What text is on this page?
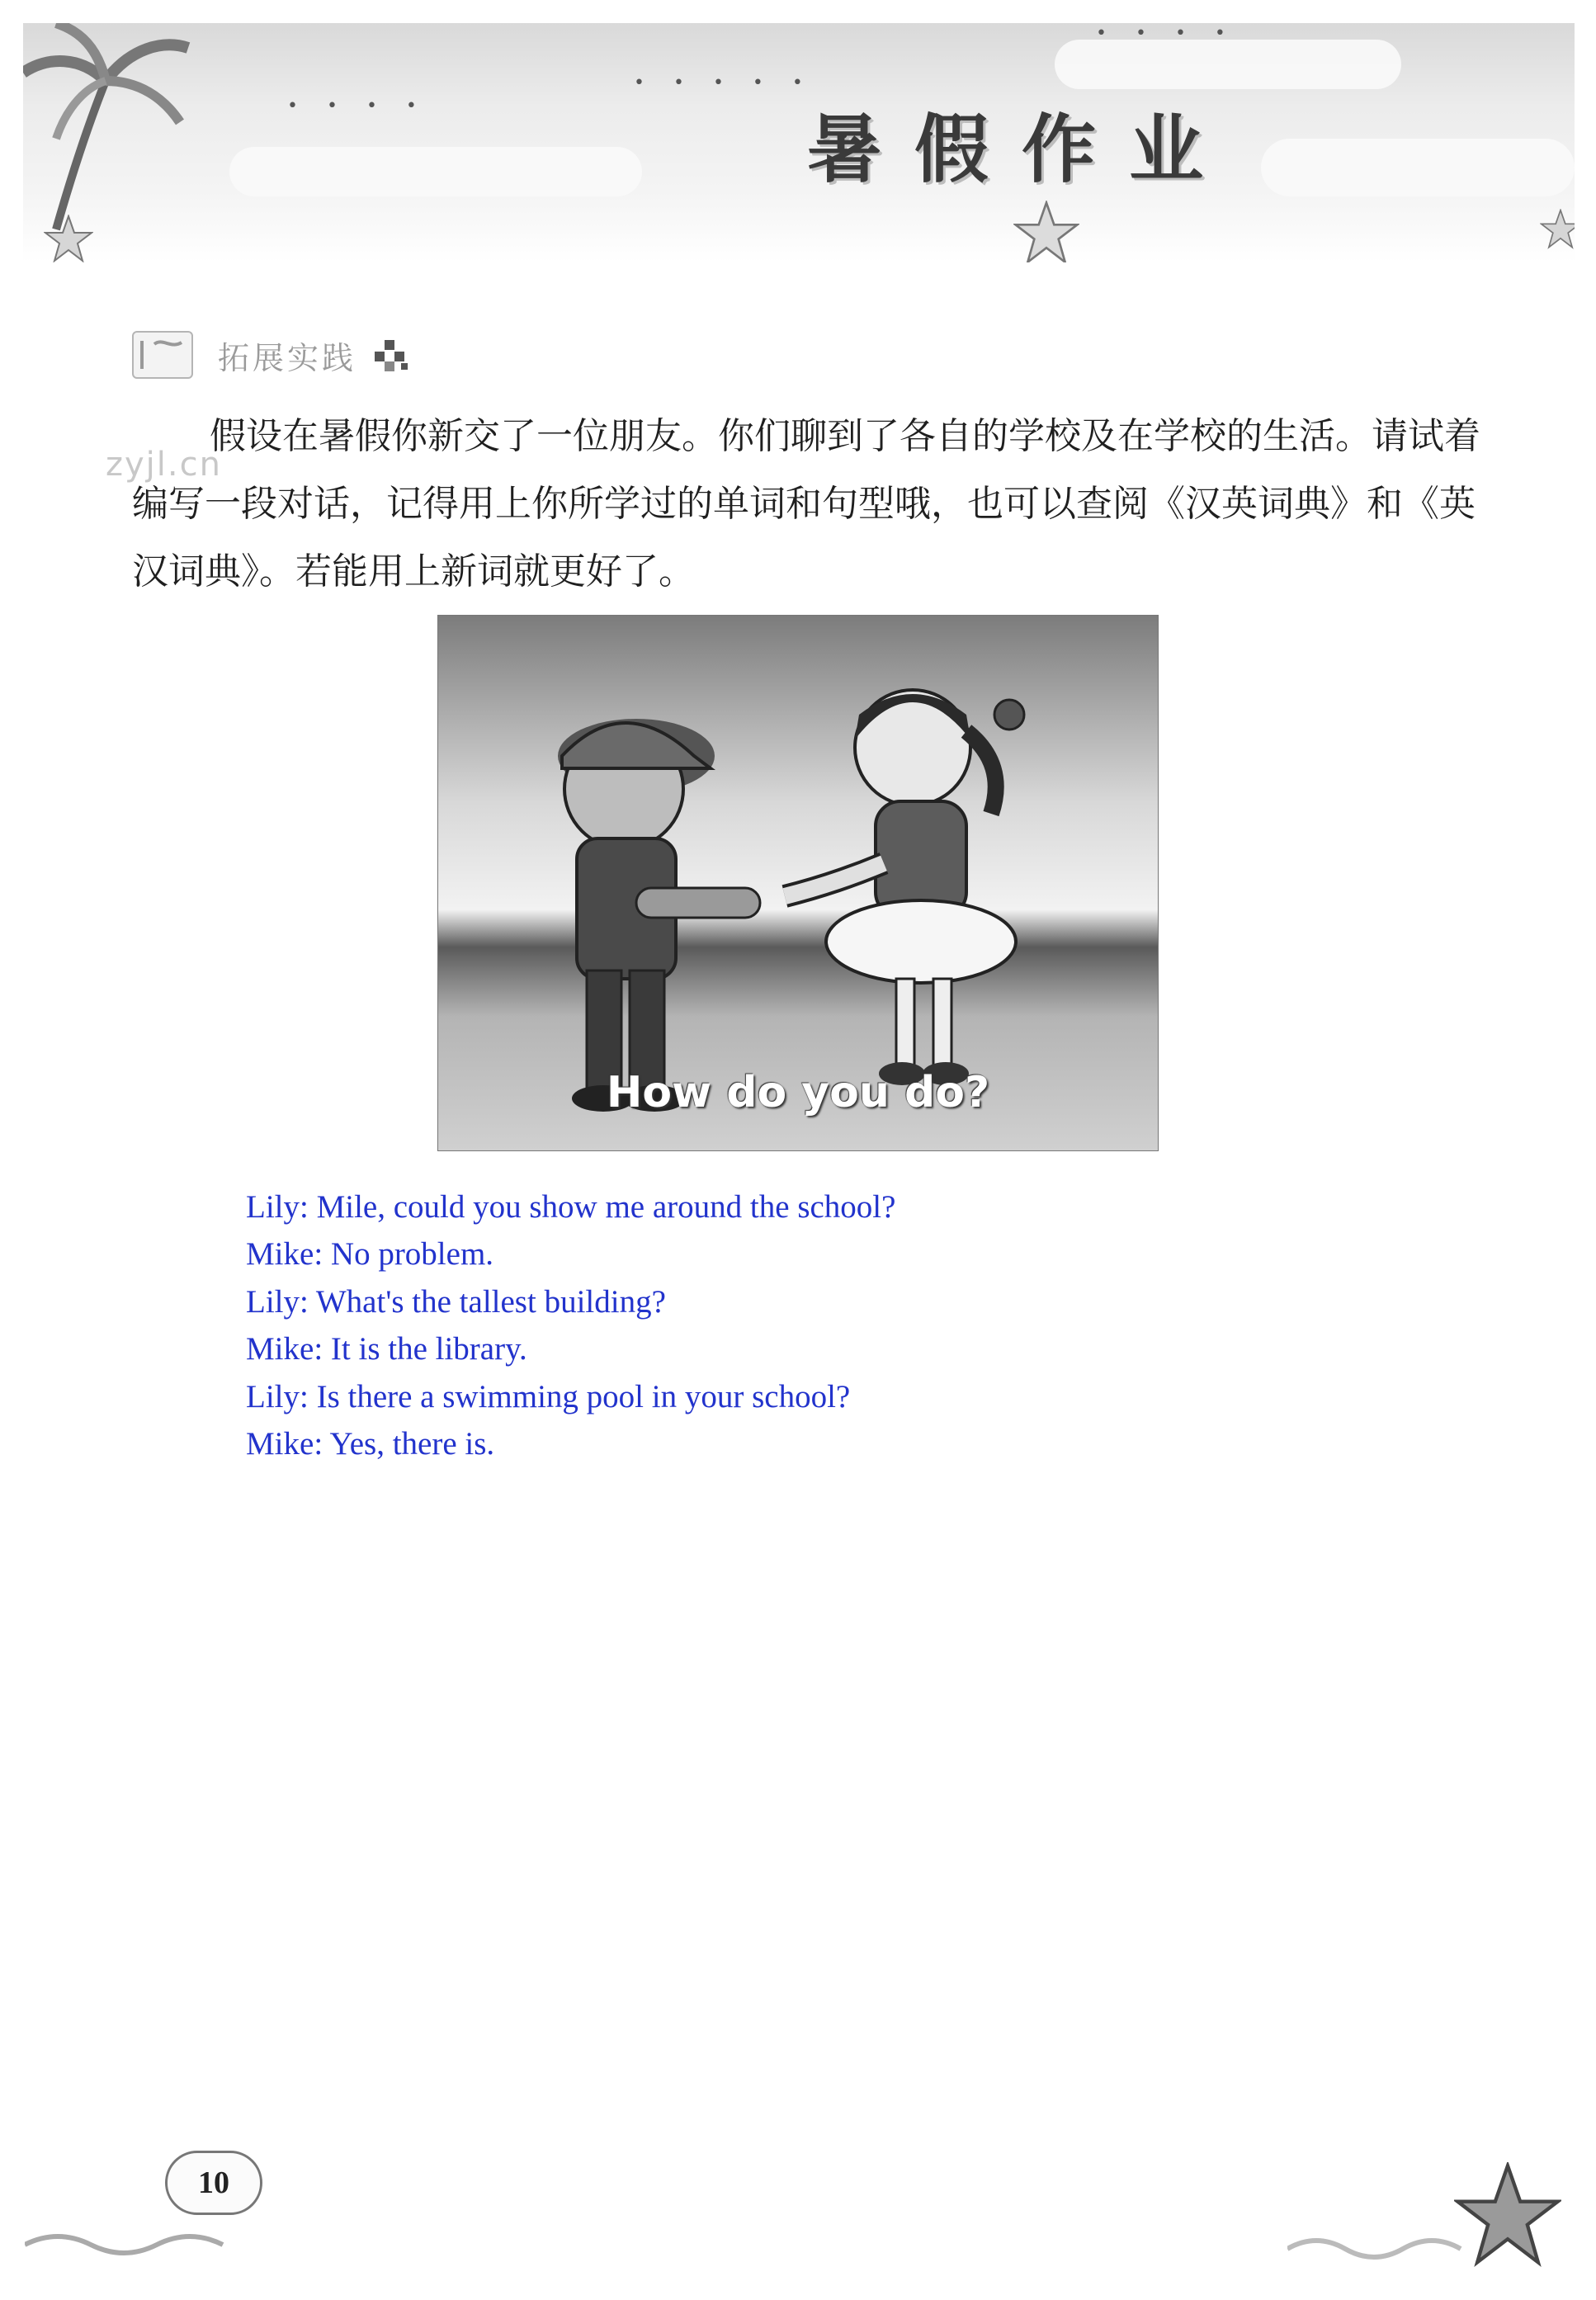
• • • •
• • • • •
• • • •
暑假作业
拓展实践
zyjl.cn
假设在暑假你新交了一位朋友。你们聊到了各自的学校及在学校的生活。请试着编写一段对话，记得用上你所学过的单词和句型哦，也可以查阅《汉英词典》和《英汉词典》。若能用上新词就更好了。
How do you do?
Lily: Mile, could you show me around the school?
Mike: No problem.
Lily: What's the tallest building?
Mike: It is the library.
Lily: Is there a swimming pool in your school?
Mike: Yes, there is.
10
